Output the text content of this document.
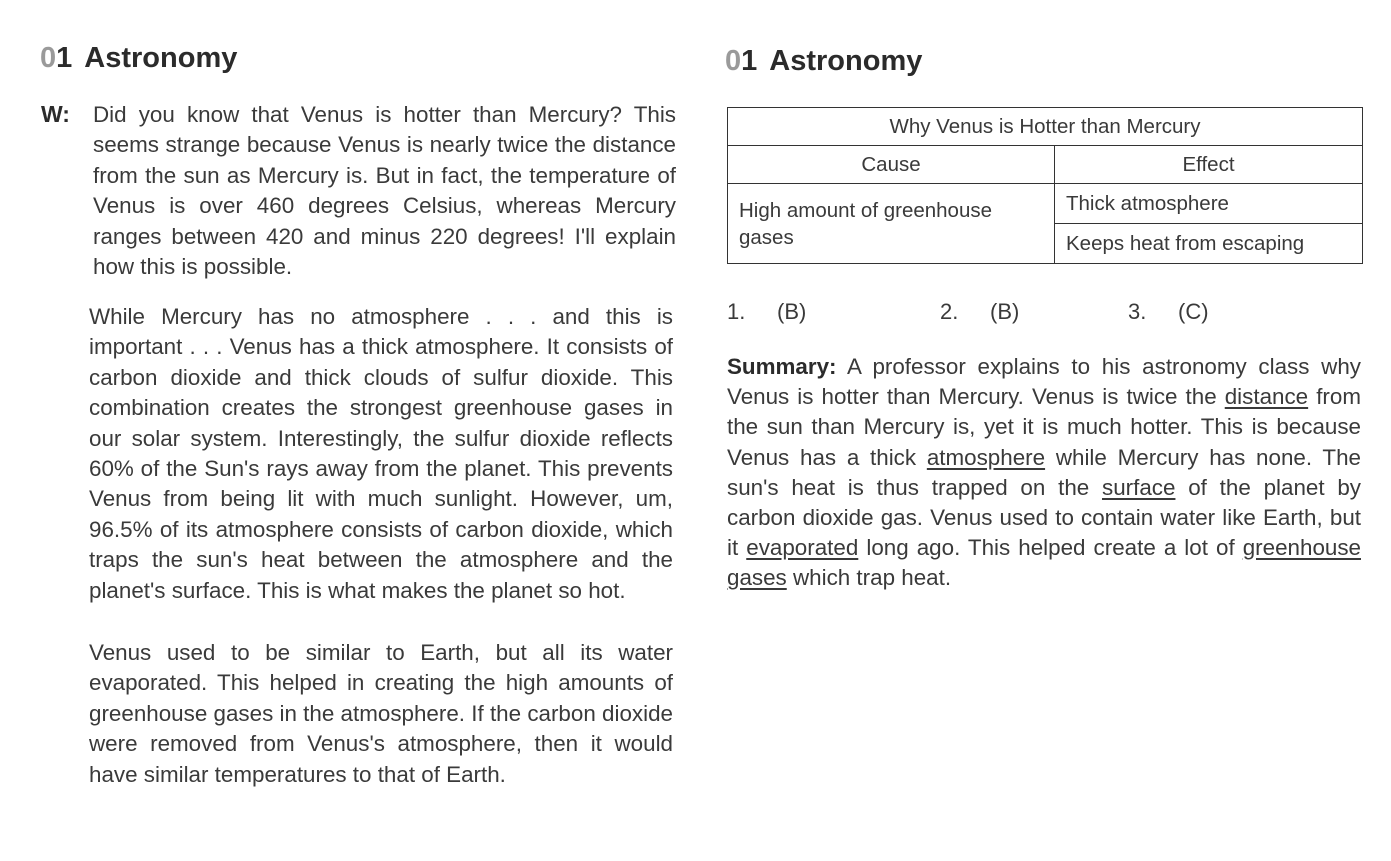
01 Astronomy
W: Did you know that Venus is hotter than Mercury? This seems strange because Venus is nearly twice the distance from the sun as Mercury is. But in fact, the temperature of Venus is over 460 degrees Celsius, whereas Mercury ranges between 420 and minus 220 degrees! I'll explain how this is possible.
While Mercury has no atmosphere . . . and this is important . . . Venus has a thick atmosphere. It consists of carbon dioxide and thick clouds of sulfur dioxide. This combination creates the strongest greenhouse gases in our solar system. Interestingly, the sulfur dioxide reflects 60% of the Sun's rays away from the planet. This prevents Venus from being lit with much sunlight. However, um, 96.5% of its atmosphere consists of carbon dioxide, which traps the sun's heat between the atmosphere and the planet's surface. This is what makes the planet so hot.
Venus used to be similar to Earth, but all its water evaporated. This helped in creating the high amounts of greenhouse gases in the atmosphere. If the carbon dioxide were removed from Venus's atmosphere, then it would have similar temperatures to that of Earth.
01 Astronomy
Why Venus is Hotter than Mercury	
Cause	Effect
High amount of greenhouse gases	Thick atmosphere
	Keeps heat from escaping
1. (B)	2. (B)	3. (C)
Summary: A professor explains to his astronomy class why Venus is hotter than Mercury. Venus is twice the distance from the sun than Mercury is, yet it is much hotter. This is because Venus has a thick atmosphere while Mercury has none. The sun's heat is thus trapped on the surface of the planet by carbon dioxide gas. Venus used to contain water like Earth, but it evaporated long ago. This helped create a lot of greenhouse gases which trap heat.
